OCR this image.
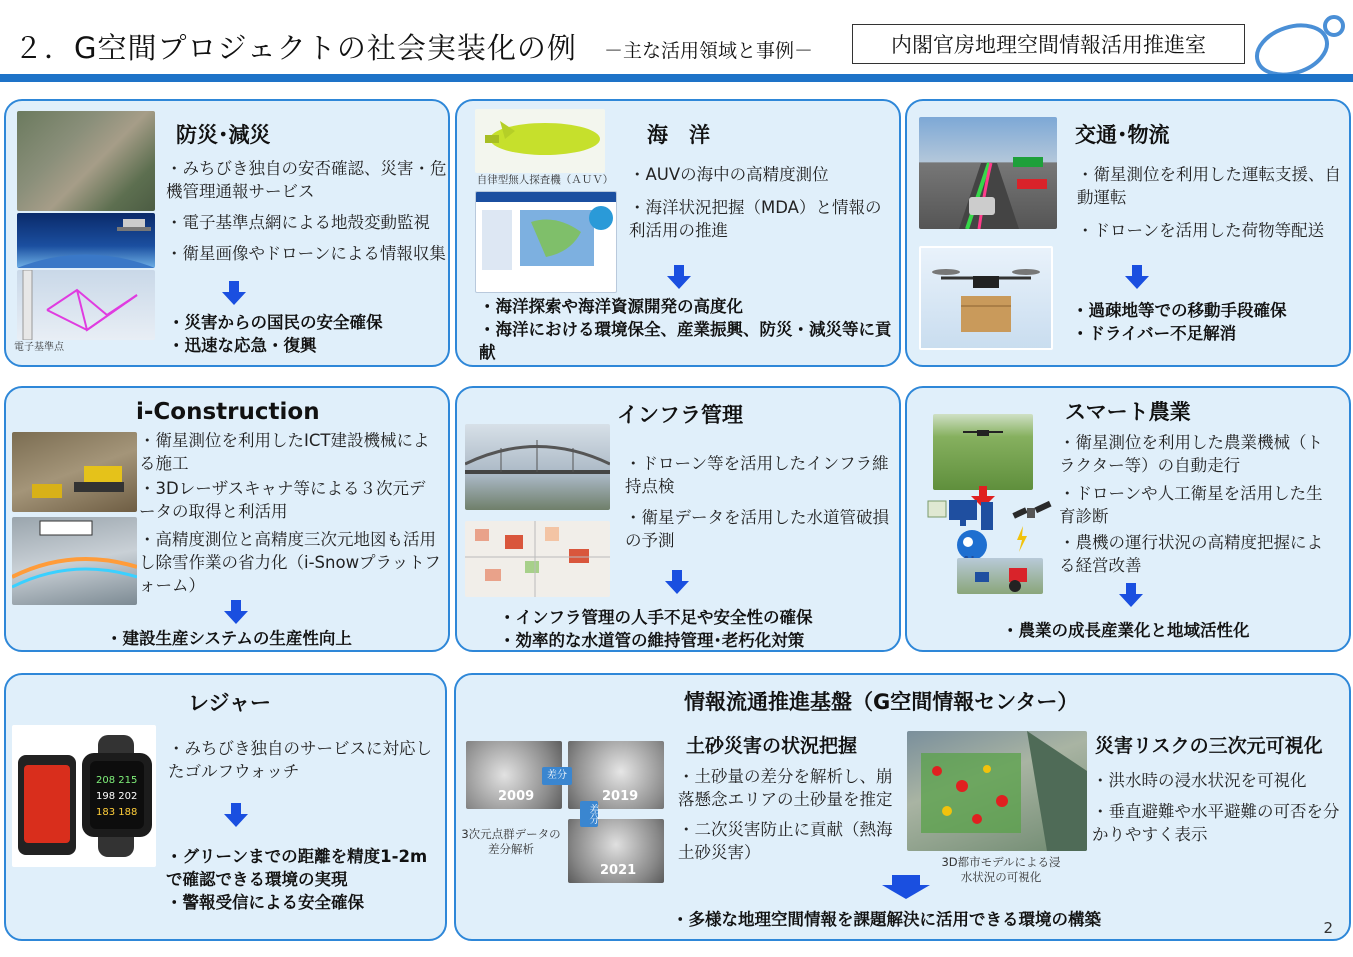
２．G空間プロジェクトの社会実装化の例 －主な活用領域と事例－	内閣官房地理空間情報活用推進室
電子基準点
防災･減災
・みちびき独自の安否確認、災害・危機管理通報サービス
・電子基準点網による地殻変動監視
・衛星画像やドローンによる情報収集
・災害からの国民の安全確保
・迅速な応急・復興
自律型無人探査機（ＡＵＶ）
海　洋
・AUVの海中の高精度測位
・海洋状況把握（MDA）と情報の利活用の推進
・海洋探索や海洋資源開発の高度化
・海洋における環境保全、産業振興、防災・減災等に貢献
交通･物流
・衛星測位を利用した運転支援、自動運転
・ドローンを活用した荷物等配送
・過疎地等での移動手段確保
・ドライバー不足解消
i-Construction
・衛星測位を利用したICT建設機械による施工
・3Dレーザスキャナ等による３次元データの取得と利活用
・高精度測位と高精度三次元地図も活用し除雪作業の省力化（i-Snowプラットフォーム）
・建設生産システムの生産性向上
インフラ管理
・ドローン等を活用したインフラ維持点検
・衛星データを活用した水道管破損の予測
・インフラ管理の人手不足や安全性の確保
・効率的な水道管の維持管理･老朽化対策
スマート農業
・衛星測位を利用した農業機械（トラクター等）の自動走行
・ドローンや人工衛星を活用した生育診断
・農機の運行状況の高精度把握による経営改善
・農業の成長産業化と地域活性化
208 215
198 202
183 188
レジャー
・みちびき独自のサービスに対応したゴルフウォッチ
・グリーンまでの距離を精度1-2mで確認できる環境の実現
・警報受信による安全確保
情報流通推進基盤（G空間情報センター）
2009	2019
2021
差分
差分
3次元点群データの差分解析
土砂災害の状況把握
・土砂量の差分を解析し、崩落懸念エリアの土砂量を推定
・二次災害防止に貢献（熱海土砂災害）	3D都市モデルによる浸水状況の可視化
災害リスクの三次元可視化
・洪水時の浸水状況を可視化
・垂直避難や水平避難の可否を分かりやすく表示
・多様な地理空間情報を課題解決に活用できる環境の構築	2
